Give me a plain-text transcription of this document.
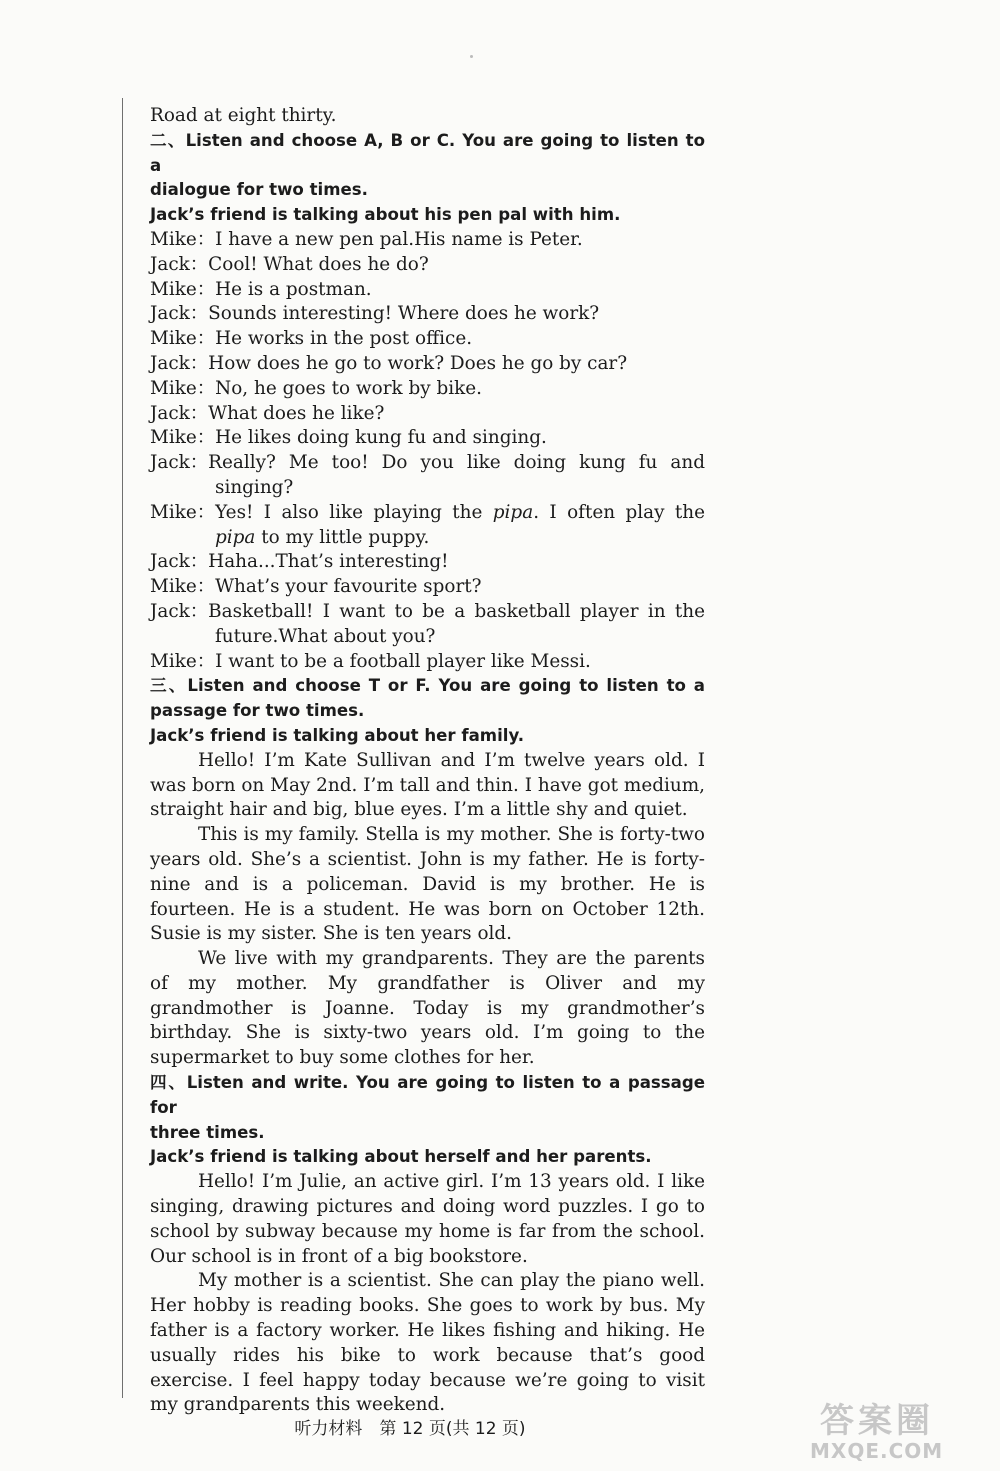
Road at eight thirty.
二、Listen and choose A, B or C. You are going to listen to a
dialogue for two times.
Jack’s friend is talking about his pen pal with him.
Mike： I have a new pen pal.His name is Peter.
Jack： Cool! What does he do?
Mike： He is a postman.
Jack： Sounds interesting! Where does he work?
Mike： He works in the post office.
Jack： How does he go to work? Does he go by car?
Mike： No, he goes to work by bike.
Jack： What does he like?
Mike： He likes doing kung fu and singing.
Jack： Really? Me too! Do you like doing kung fu and
singing?
Mike： Yes! I also like playing the pipa. I often play the
pipa to my little puppy.
Jack： Haha...That’s interesting!
Mike： What’s your favourite sport?
Jack： Basketball! I want to be a basketball player in the
future.What about you?
Mike： I want to be a football player like Messi.
三、Listen and choose T or F. You are going to listen to a
passage for two times.
Jack’s friend is talking about her family.
Hello! I’m Kate Sullivan and I’m twelve years old. I was born on May 2nd. I’m tall and thin. I have got medium, straight hair and big, blue eyes. I’m a little shy and quiet.
This is my family. Stella is my mother. She is forty-two years old. She’s a scientist. John is my father. He is forty-nine and is a policeman. David is my brother. He is fourteen. He is a student. He was born on October 12th. Susie is my sister. She is ten years old.
We live with my grandparents. They are the parents of my mother. My grandfather is Oliver and my grandmother is Joanne. Today is my grandmother’s birthday. She is sixty-two years old. I’m going to the supermarket to buy some clothes for her.
四、Listen and write. You are going to listen to a passage for
three times.
Jack’s friend is talking about herself and her parents.
Hello! I’m Julie, an active girl. I’m 13 years old. I like singing, drawing pictures and doing word puzzles. I go to school by subway because my home is far from the school. Our school is in front of a big bookstore.
My mother is a scientist. She can play the piano well. Her hobby is reading books. She goes to work by bus. My father is a factory worker. He likes fishing and hiking. He usually rides his bike to work because that’s good exercise. I feel happy today because we’re going to visit my grandparents this weekend.
听力材料　第 12 页(共 12 页)	答案圈
MXQE.COM
